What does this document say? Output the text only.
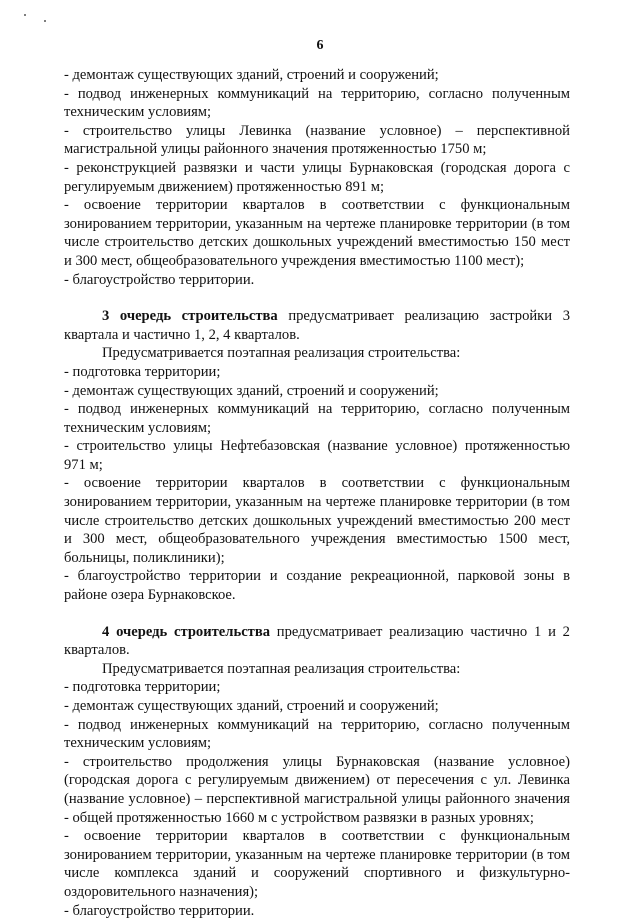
6

- демонтаж существующих зданий, строений и сооружений;

- подвод инженерных коммуникаций на территорию, согласно полученным техническим условиям;

- строительство улицы Левинка (название условное) – перспективной магистральной улицы районного значения протяженностью 1750 м;

- реконструкцией развязки и части улицы Бурнаковская (городская дорога с регулируемым движением) протяженностью 891 м;

- освоение территории кварталов в соответствии с функциональным зонированием территории, указанным на чертеже планировке территории (в том числе строительство детских дошкольных учреждений вместимостью 150 мест и 300 мест, общеобразовательного учреждения вместимостью 1100 мест);

- благоустройство территории.

3 очередь строительства предусматривает реализацию застройки 3 квартала и частично 1, 2, 4 кварталов.

Предусматривается поэтапная реализация строительства:

- подготовка территории;

- демонтаж существующих зданий, строений и сооружений;

- подвод инженерных коммуникаций на территорию, согласно полученным техническим условиям;

- строительство улицы Нефтебазовская (название условное) протяженностью 971 м;

- освоение территории кварталов в соответствии с функциональным зонированием территории, указанным на чертеже планировке территории (в том числе строительство детских дошкольных учреждений вместимостью 200 мест и 300 мест, общеобразовательного учреждения вместимостью 1500 мест, больницы, поликлиники);

- благоустройство территории и создание рекреационной, парковой зоны в районе озера Бурнаковское.

4 очередь строительства предусматривает реализацию частично 1 и 2 кварталов.

Предусматривается поэтапная реализация строительства:

- подготовка территории;

- демонтаж существующих зданий, строений и сооружений;

- подвод инженерных коммуникаций на территорию, согласно полученным техническим условиям;

- строительство продолжения улицы Бурнаковская (название условное) (городская дорога с регулируемым движением) от пересечения с ул. Левинка (название условное) – перспективной магистральной улицы районного значения - общей протяженностью 1660 м с устройством развязки в разных уровнях;

- освоение территории кварталов в соответствии с функциональным зонированием территории, указанным на чертеже планировке территории (в том числе комплекса зданий и сооружений спортивного и физкультурно-оздоровительного назначения);

- благоустройство территории.
